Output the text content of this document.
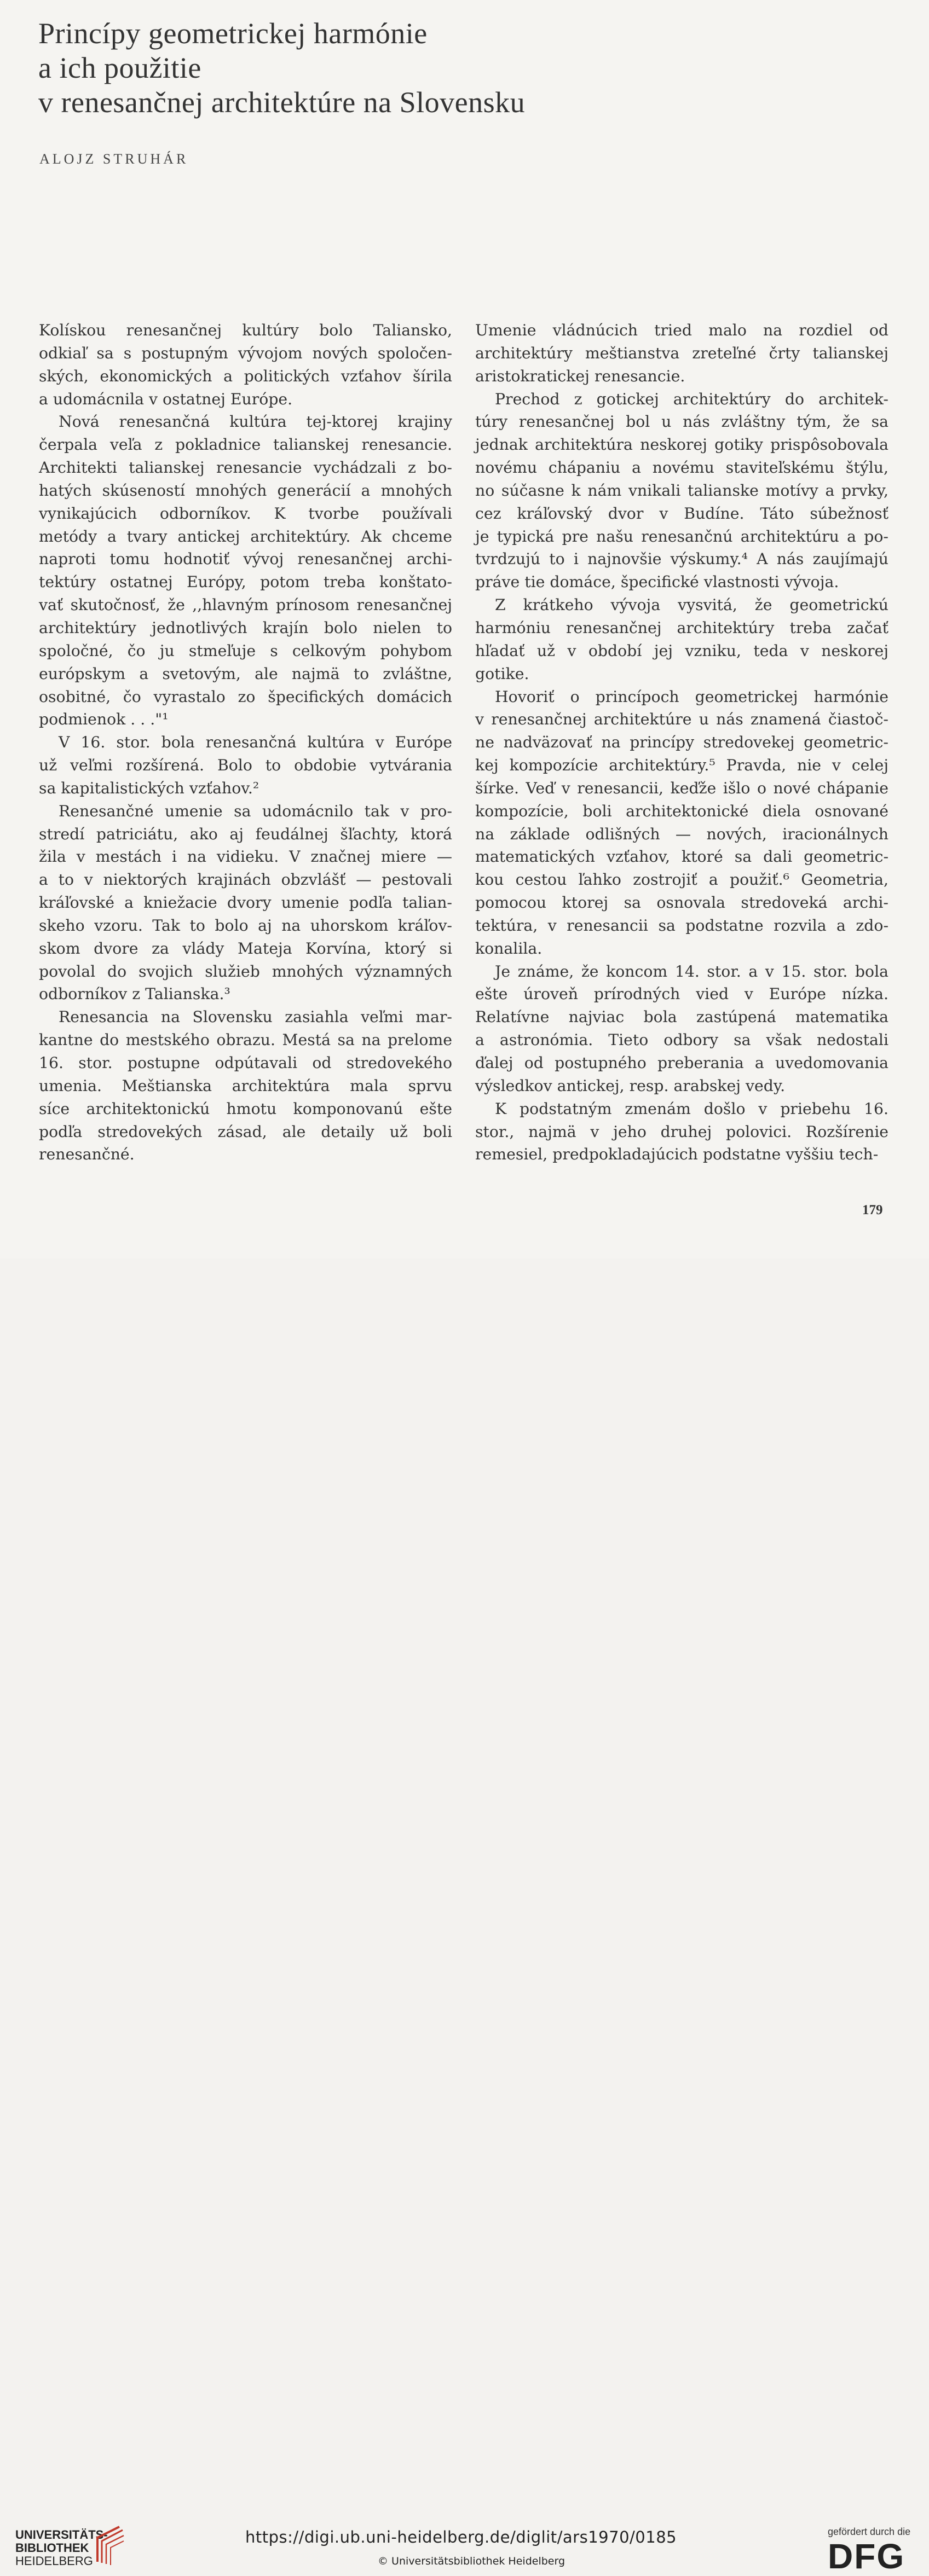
Princípy geometrickej harmónie
a ich použitie
v renesančnej architektúre na Slovensku
ALOJZ STRUHÁR

Kolískou renesančnej kultúry bolo Taliansko,
odkiaľ sa s postupným vývojom nových spoločen-
ských, ekonomických a politických vzťahov šírila
a udomácnila v ostatnej Európe.

Nová renesančná kultúra tej-ktorej krajiny
čerpala veľa z pokladnice talianskej renesancie.
Architekti talianskej renesancie vychádzali z bo-
hatých skúseností mnohých generácií a mnohých
vynikajúcich odborníkov. K tvorbe používali
metódy a tvary antickej architektúry. Ak chceme
naproti tomu hodnotiť vývoj renesančnej archi-
tektúry ostatnej Európy, potom treba konštato-
vať skutočnosť, že ,,hlavným prínosom renesančnej
architektúry jednotlivých krajín bolo nielen to
spoločné, čo ju stmeľuje s celkovým pohybom
európskym a svetovým, ale najmä to zvláštne,
osobitné, čo vyrastalo zo špecifických domácich
podmienok . . ."¹

V 16. stor. bola renesančná kultúra v Európe
už veľmi rozšírená. Bolo to obdobie vytvárania
sa kapitalistických vzťahov.²

Renesančné umenie sa udomácnilo tak v pro-
stredí patriciátu, ako aj feudálnej šľachty, ktorá
žila v mestách i na vidieku. V značnej miere —
a to v niektorých krajinách obzvlášť — pestovali
kráľovské a kniežacie dvory umenie podľa talian-
skeho vzoru. Tak to bolo aj na uhorskom kráľov-
skom dvore za vlády Mateja Korvína, ktorý si
povolal do svojich služieb mnohých významných
odborníkov z Talianska.³

Renesancia na Slovensku zasiahla veľmi mar-
kantne do mestského obrazu. Mestá sa na prelome
16. stor. postupne odpútavali od stredovekého
umenia. Meštianska architektúra mala sprvu
síce architektonickú hmotu komponovanú ešte
podľa stredovekých zásad, ale detaily už boli
renesančné.

Umenie vládnúcich tried malo na rozdiel od
architektúry meštianstva zreteľné črty talianskej
aristokratickej renesancie.

Prechod z gotickej architektúry do architek-
túry renesančnej bol u nás zvláštny tým, že sa
jednak architektúra neskorej gotiky prispôsobovala
novému chápaniu a novému staviteľskému štýlu,
no súčasne k nám vnikali talianske motívy a prvky,
cez kráľovský dvor v Budíne. Táto súbežnosť
je typická pre našu renesančnú architektúru a po-
tvrdzujú to i najnovšie výskumy.⁴ A nás zaujímajú
práve tie domáce, špecifické vlastnosti vývoja.

Z krátkeho vývoja vysvitá, že geometrickú
harmóniu renesančnej architektúry treba začať
hľadať už v období jej vzniku, teda v neskorej
gotike.

Hovoriť o princípoch geometrickej harmónie
v renesančnej architektúre u nás znamená čiastoč-
ne nadväzovať na princípy stredovekej geometric-
kej kompozície architektúry.⁵ Pravda, nie v celej
šírke. Veď v renesancii, keďže išlo o nové chápanie
kompozície, boli architektonické diela osnované
na základe odlišných — nových, iracionálnych
matematických vzťahov, ktoré sa dali geometric-
kou cestou ľahko zostrojiť a použiť.⁶ Geometria,
pomocou ktorej sa osnovala stredoveká archi-
tektúra, v renesancii sa podstatne rozvila a zdo-
konalila.

Je známe, že koncom 14. stor. a v 15. stor. bola
ešte úroveň prírodných vied v Európe nízka.
Relatívne najviac bola zastúpená matematika
a astronómia. Tieto odbory sa však nedostali
ďalej od postupného preberania a uvedomovania
výsledkov antickej, resp. arabskej vedy.

K podstatným zmenám došlo v priebehu 16.
stor., najmä v jeho druhej polovici. Rozšírenie
remesiel, predpokladajúcich podstatne vyššiu tech-

179
UNIVERSITÄTS-
BIBLIOTHEK
HEIDELBERG
https://digi.ub.uni-heidelberg.de/diglit/ars1970/0185
© Universitätsbibliothek Heidelberg
gefördert durch die
DFG
